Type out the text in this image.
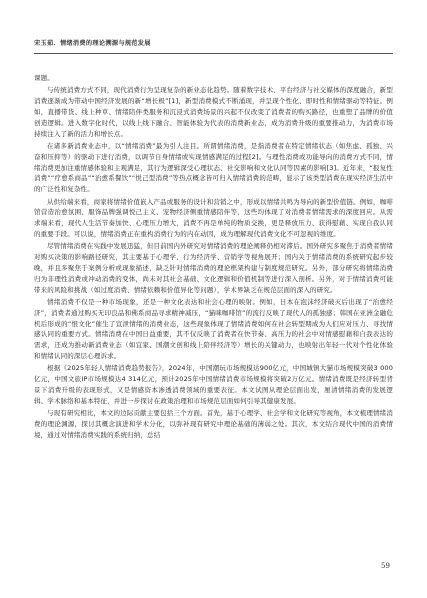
宋玉茹．情绪消费的理论溯源与规范发展

课题。

与传统消费方式不同，现代消费行为呈现复杂的新业态化趋势。随着数字技术、平台经济与社交媒体的深度融合，新型消费逐渐成为带动中国经济发展的新“增长极”[1]，新型消费模式不断涌现，并呈现个性化、即时性和情绪驱动等特征。例如，直播带货、线上种草、情绪陪伴类服务和沉浸式消费场景的兴起不仅改变了消费者的购买路径，也重塑了品牌的价值创造逻辑。进入数字化时代，以线上线下融合、智能体验为代表的消费新业态，成为消费升级的重要推动力，为消费市场持续注入了新的活力和增长点。

在诸多新消费业态中，以“情绪消费”最为引人注目。所谓情绪消费，是指消费者在特定情绪状态（如焦虑、孤独、兴奋和压抑等）的驱动下进行消费，以调节自身情绪或实现情感满足的过程[2]。与理性消费或功能导向的消费方式不同，情绪消费更加注重情感体验和主观满足，其行为逻辑深受心理状态、社交影响和文化认同等因素的影响[3]。近年来，“报复性消费”“疗愈系商品”“治愈系餐饮”“悦己型消费”等热点概念皆可归入情绪消费的范畴，显示了该类型消费在现实经济生活中的广泛性和复杂性。

从供给端来看，商家将情绪价值嵌入产品或服务的设计和营销之中，形成以情绪共鸣为导向的新型价值链。例如，咖啡馆营造治愈氛围、服饰品牌强调悦己主义、宠物经济侧重情感陪伴等，这些均体现了对消费者情绪需求的深度回应。从需求端来看，现代人生活节奏加快、心理压力增大，消费不再是单纯的物质交换，更是释放压力、获得慰藉、实现自我认同的重要手段。可以说，情绪消费正在重构消费行为的内在动因，成为理解现代消费文化不可忽视的维度。

尽管情绪消费在实践中发展迅猛，但目前国内外研究对情绪消费的理论阐释仍相对滞后。国外研究多聚焦于消费者情绪对购买决策的影响路径研究，其主要基于心理学、行为经济学、营销学等视角展开；国内关于情绪消费的系统研究起步较晚，并且多聚焦于案例分析或现象描述，缺乏针对情绪消费的理论框架构建与制度规范研究。另外，部分研究将情绪消费归为非理性消费或冲动消费的变体，尚未对其社会基础、文化逻辑和价值机制等进行深入剖析。另外，对于情绪消费可能带来的风险和挑战（如过度消费、情绪依赖和价值异化等问题），学术界缺乏在规范层面的深入的研究。

情绪消费不仅是一种市场现象，还是一种文化表达和社会心理的映射。例如，日本在泡沫经济破灭后出现了“治愈经济”，消费者通过购买无印良品和佛系商品寻求精神减压，“猫咪咖啡馆”的流行反映了现代人的孤独感；韩国在亚洲金融危机后形成的“恨文化”催生了宣泄情绪的消费业态，这些现象体现了情绪消费如何在社会转型期成为人们应对压力、寻找情感认同的重要方式。情绪消费在中国日益重要，其不仅反映了消费者在快节奏、高压力的社会中对情感慰藉和自我表达的需求，还成为推动新消费业态（如宜家、国潮文创和线上陪伴经济等）增长的关键动力，也映射出年轻一代对个性化体验和情绪认同的深层心理诉求。

根据《2025年轻人情绪消费趋势报告》，2024年，中国潮玩市场规模达900亿元，中国城镇大猫市场规模突破3 000亿元，中国文旅IP市场规模达4 314亿元，预计2025年中国情绪消费市场规模将突破2万亿元。情绪消费既是经济转型背景下消费升级的表现形式，又是情感资本渗透消费领域的重要表征。本文试图从理论层面出发，厘清情绪消费的发展逻辑、学术脉络和基本特征，并进一步探讨在政策治理和市场规范层面如何引导其健康发展。

与现有研究相比，本文的边际贡献主要包括三个方面。首先，基于心理学、社会学和文化研究等视角，本文梳理情绪消费的理论渊源，探讨其概念演进和学术分化，以弥补现有研究中理论基础的薄弱之处。其次，本文结合现代中国的消费情境，通过对情绪消费实践的系统归纳，总结

59
